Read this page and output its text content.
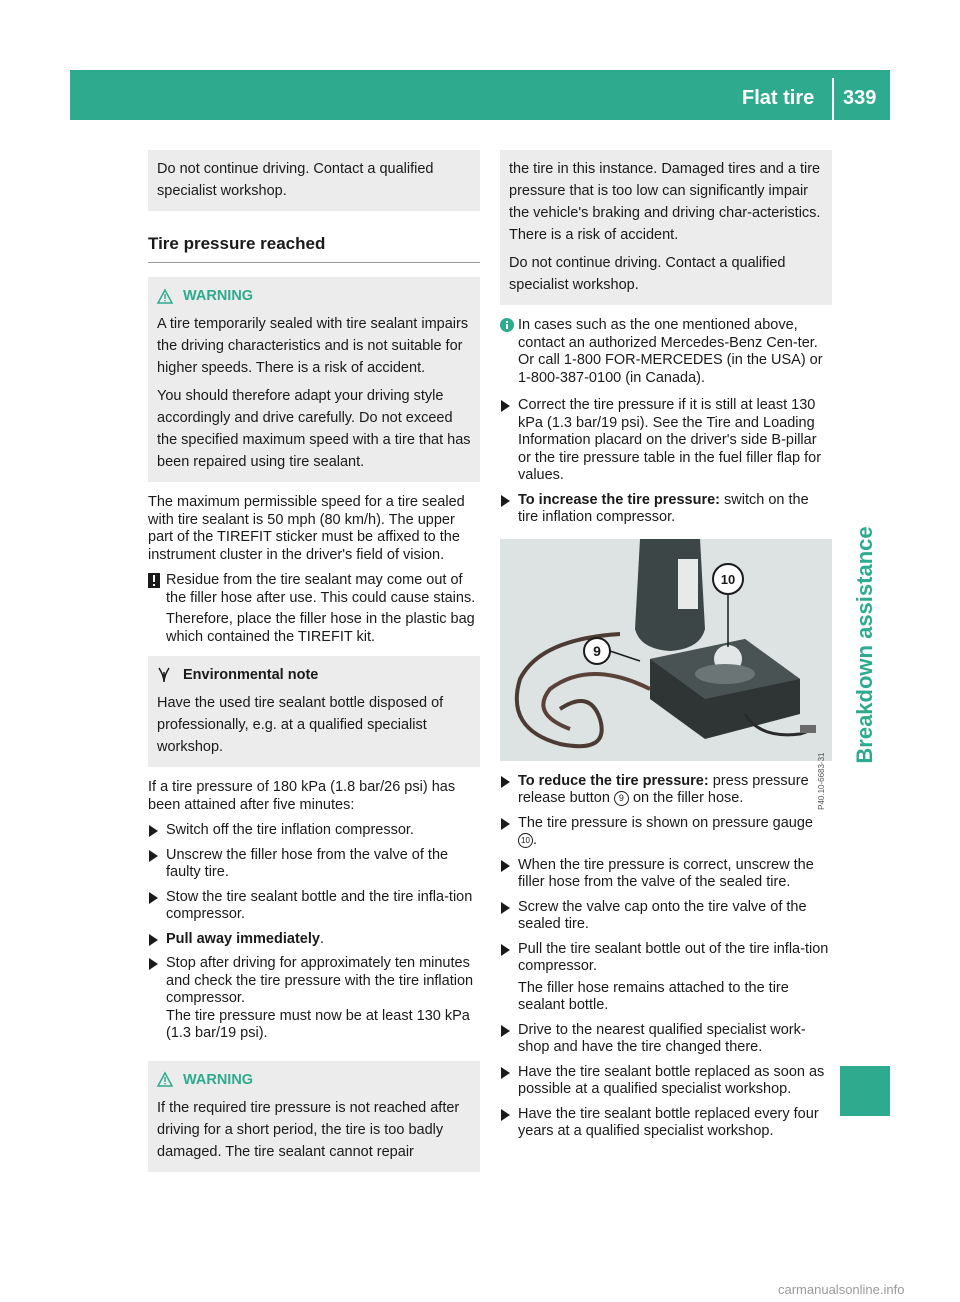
Flat tire 339
Breakdown assistance

Do not continue driving. Contact a qualified specialist workshop.

Tire pressure reached
WARNING

A tire temporarily sealed with tire sealant impairs the driving characteristics and is not suitable for higher speeds. There is a risk of accident.

You should therefore adapt your driving style accordingly and drive carefully. Do not exceed the specified maximum speed with a tire that has been repaired using tire sealant.

The maximum permissible speed for a tire sealed with tire sealant is 50 mph (80 km/h). The upper part of the TIREFIT sticker must be affixed to the instrument cluster in the driver's field of vision.

Residue from the tire sealant may come out of the filler hose after use. This could cause stains.

Therefore, place the filler hose in the plastic bag which contained the TIREFIT kit.

Environmental note

Have the used tire sealant bottle disposed of professionally, e.g. at a qualified specialist workshop.

If a tire pressure of 180 kPa (1.8 bar/26 psi) has been attained after five minutes:

Switch off the tire inflation compressor.
Unscrew the filler hose from the valve of the faulty tire.
Stow the tire sealant bottle and the tire infla-tion compressor.
Pull away immediately.
Stop after driving for approximately ten minutes and check the tire pressure with the tire inflation compressor.
The tire pressure must now be at least 130 kPa (1.3 bar/19 psi).
WARNING

If the required tire pressure is not reached after driving for a short period, the tire is too badly damaged. The tire sealant cannot repair

the tire in this instance. Damaged tires and a tire pressure that is too low can significantly impair the vehicle's braking and driving char-acteristics. There is a risk of accident.

Do not continue driving. Contact a qualified specialist workshop.

In cases such as the one mentioned above, contact an authorized Mercedes-Benz Cen-ter. Or call 1-800 FOR-MERCEDES (in the USA) or 1-800-387-0100 (in Canada).

Correct the tire pressure if it is still at least 130 kPa (1.3 bar/19 psi). See the Tire and Loading Information placard on the driver's side B-pillar or the tire pressure table in the fuel filler flap for values.
To increase the tire pressure: switch on the tire inflation compressor.
9
10
P40.10-6683-31
To reduce the tire pressure: press pressure release button 9 on the filler hose.
The tire pressure is shown on pressure gauge 10 .
When the tire pressure is correct, unscrew the filler hose from the valve of the sealed tire.
Screw the valve cap onto the tire valve of the sealed tire.
Pull the tire sealant bottle out of the tire infla-tion compressor.
The filler hose remains attached to the tire sealant bottle.
Drive to the nearest qualified specialist work-shop and have the tire changed there.
Have the tire sealant bottle replaced as soon as possible at a qualified specialist workshop.
Have the tire sealant bottle replaced every four years at a qualified specialist workshop.
carmanualsonline.info
